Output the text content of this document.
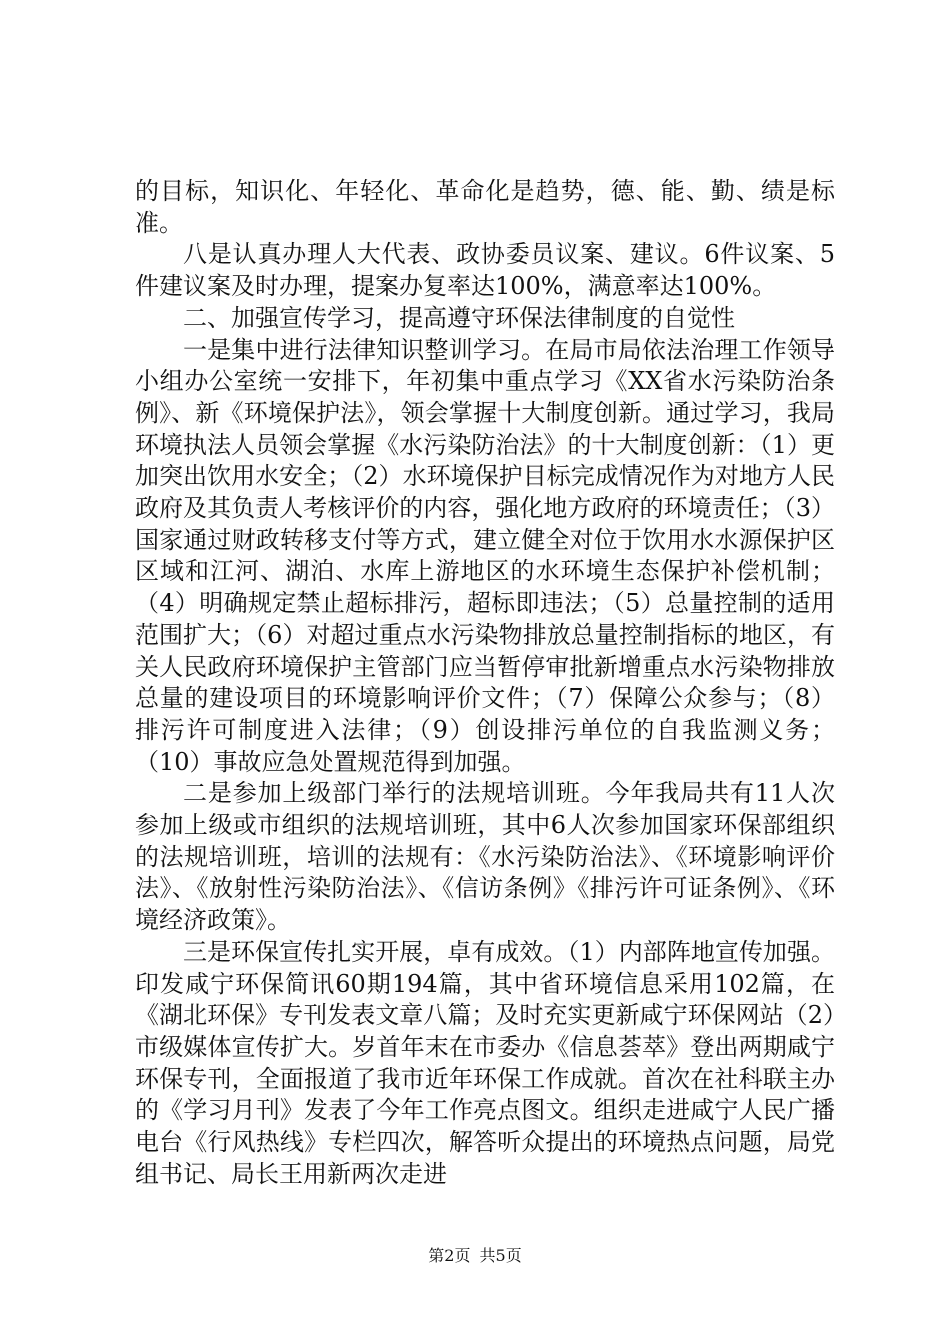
的目标，知识化、年轻化、革命化是趋势，德、能、勤、绩是标准。

八是认真办理人大代表、政协委员议案、建议。6件议案、5件建议案及时办理，提案办复率达100%，满意率达100%。

二、加强宣传学习，提高遵守环保法律制度的自觉性

一是集中进行法律知识整训学习。在局市局依法治理工作领导小组办公室统一安排下，年初集中重点学习《XX省水污染防治条例》、新《环境保护法》，领会掌握十大制度创新。通过学习，我局环境执法人员领会掌握《水污染防治法》的十大制度创新：（1）更加突出饮用水安全；（2）水环境保护目标完成情况作为对地方人民政府及其负责人考核评价的内容，强化地方政府的环境责任；（3）国家通过财政转移支付等方式，建立健全对位于饮用水水源保护区区域和江河、湖泊、水库上游地区的水环境生态保护补偿机制；（4）明确规定禁止超标排污，超标即违法；（5）总量控制的适用范围扩大；（6）对超过重点水污染物排放总量控制指标的地区，有关人民政府环境保护主管部门应当暂停审批新增重点水污染物排放总量的建设项目的环境影响评价文件；（7）保障公众参与；（8）排污许可制度进入法律；（9）创设排污单位的自我监测义务；（10）事故应急处置规范得到加强。

二是参加上级部门举行的法规培训班。今年我局共有11人次参加上级或市组织的法规培训班，其中6人次参加国家环保部组织的法规培训班，培训的法规有：《水污染防治法》、《环境影响评价法》、《放射性污染防治法》、《信访条例》《排污许可证条例》、《环境经济政策》。

三是环保宣传扎实开展，卓有成效。（1）内部阵地宣传加强。印发咸宁环保简讯60期194篇，其中省环境信息采用102篇，在《湖北环保》专刊发表文章八篇；及时充实更新咸宁环保网站（2）市级媒体宣传扩大。岁首年末在市委办《信息荟萃》登出两期咸宁环保专刊，全面报道了我市近年环保工作成就。首次在社科联主办的《学习月刊》发表了今年工作亮点图文。组织走进咸宁人民广播电台《行风热线》专栏四次，解答听众提出的环境热点问题，局党组书记、局长王用新两次走进

第2页 共5页
